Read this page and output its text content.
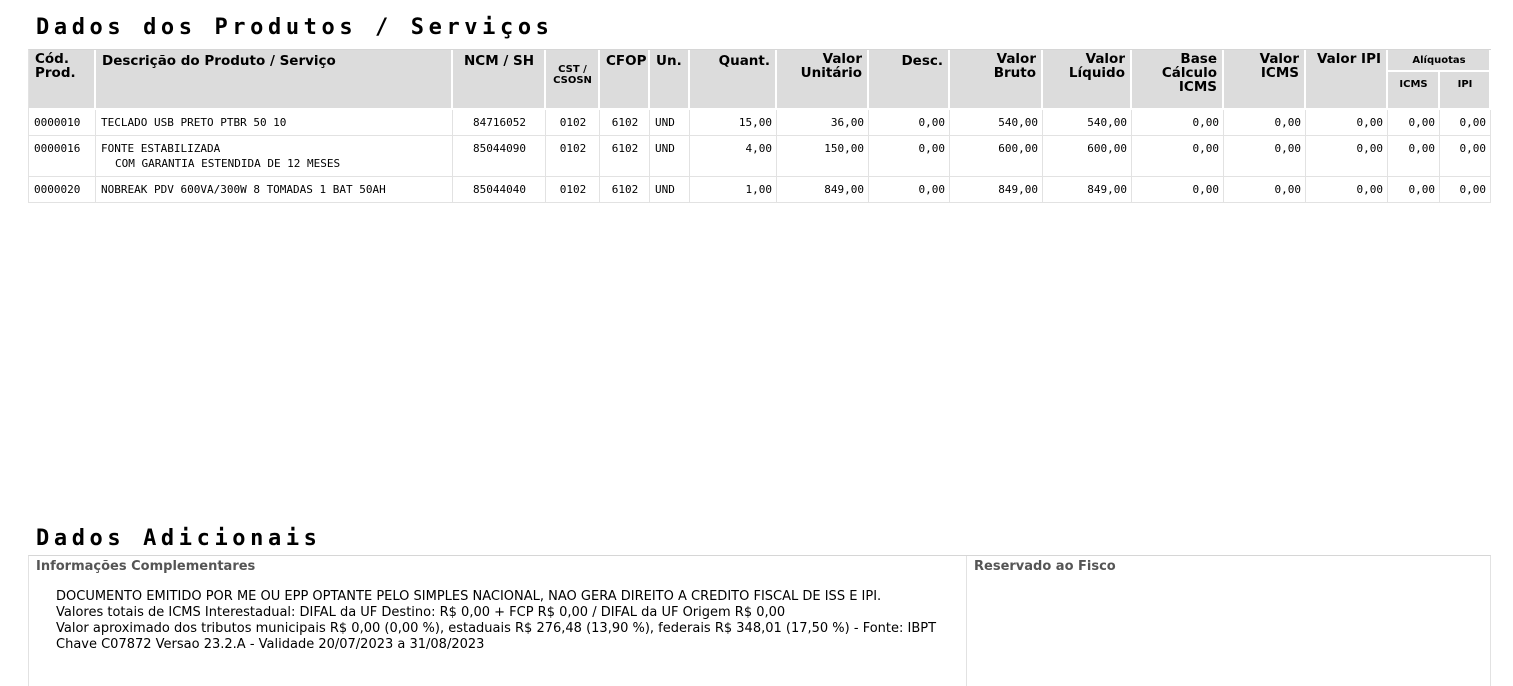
Dados dos Produtos / Serviços
Cód. Prod.	Descrição do Produto / Serviço	NCM / SH	CST / CSOSN	CFOP	Un.	Quant.	Valor Unitário	Desc.	Valor Bruto	Valor Líquido	Base Cálculo ICMS	Valor ICMS	Valor IPI	Alíquotas	
														ICMS	IPI
0000010	TECLADO USB PRETO PTBR 50 10	84716052	0102	6102	UND	15,00	36,00	0,00	540,00	540,00	0,00	0,00	0,00	0,00	0,00
0000016	FONTE ESTABILIZADA
COM GARANTIA ESTENDIDA DE 12 MESES	85044090	0102	6102	UND	4,00	150,00	0,00	600,00	600,00	0,00	0,00	0,00	0,00	0,00
0000020	NOBREAK PDV 600VA/300W 8 TOMADAS 1 BAT 50AH	85044040	0102	6102	UND	1,00	849,00	0,00	849,00	849,00	0,00	0,00	0,00	0,00	0,00
Dados Adicionais
Informações Complementares
DOCUMENTO EMITIDO POR ME OU EPP OPTANTE PELO SIMPLES NACIONAL, NAO GERA DIREITO A CREDITO FISCAL DE ISS E IPI.
Valores totais de ICMS Interestadual: DIFAL da UF Destino: R$ 0,00 + FCP R$ 0,00 / DIFAL da UF Origem R$ 0,00
Valor aproximado dos tributos municipais R$ 0,00 (0,00 %), estaduais R$ 276,48 (13,90 %), federais R$ 348,01 (17,50 %) - Fonte: IBPT Chave C07872 Versao 23.2.A - Validade 20/07/2023 a 31/08/2023
Reservado ao Fisco
